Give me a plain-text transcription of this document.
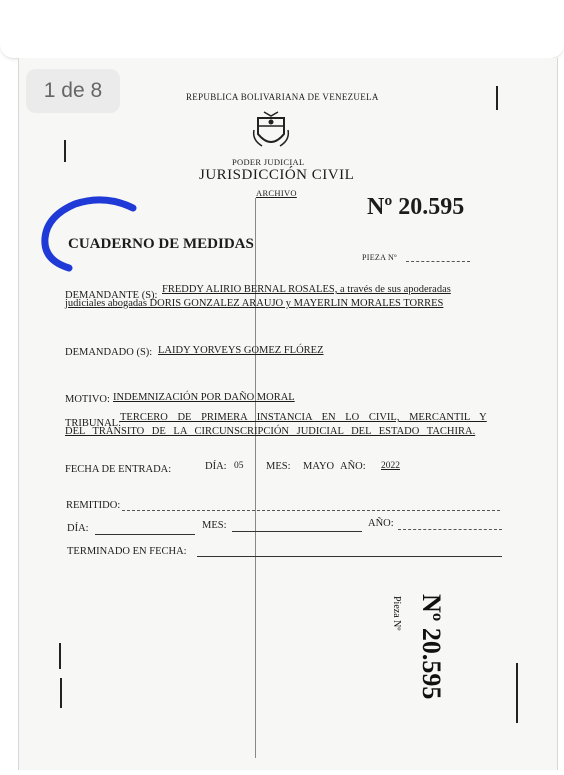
1 de 8	REPUBLICA BOLIVARIANA DE VENEZUELA
PODER JUDICIAL
JURISDICCIÓN CIVIL
ARCHIVO
Nº 20.595
CUADERNO DE MEDIDAS
PIEZA Nº
DEMANDANTE (S):
FREDDY ALIRIO BERNAL ROSALES, a través de sus apoderadas
judiciales abogadas DORIS GONZALEZ ARAUJO y MAYERLIN MORALES TORRES
DEMANDADO (S): LAIDY YORVEYS GOMEZ FLÓREZ
MOTIVO: INDEMNIZACIÓN POR DAÑO MORAL
TRIBUNAL:
TERCERO DE PRIMERA INSTANCIA EN LO CIVIL, MERCANTIL Y
DEL TRÁNSITO DE LA CIRCUNSCRIPCIÓN JUDICIAL DEL ESTADO TACHIRA.
FECHA DE ENTRADA:	DÍA: 05 MES: MAYO AÑO: 2022
REMITIDO:
DÍA:	MES:	AÑO:
TERMINADO EN FECHA:
Pieza Nº Nº 20.595
